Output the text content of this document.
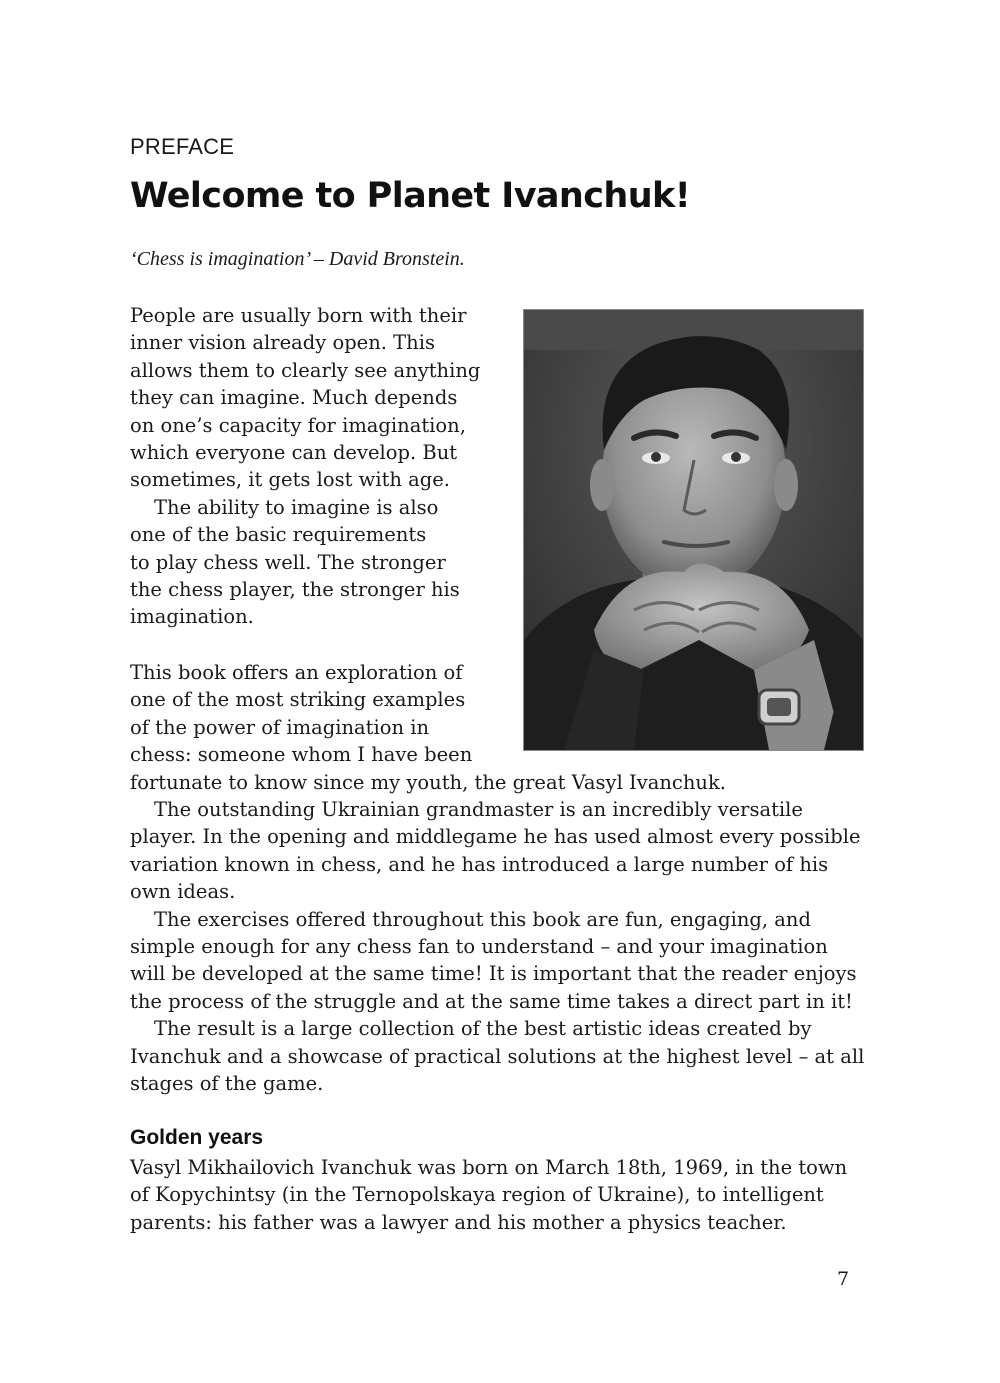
PREFACE
Welcome to Planet Ivanchuk!
‘Chess is imagination’ – David Bronstein.
People are usually born with their
inner vision already open. This
allows them to clearly see anything
they can imagine. Much depends
on one’s capacity for imagination,
which everyone can develop. But
sometimes, it gets lost with age.
The ability to imagine is also
one of the basic requirements
to play chess well. The stronger
the chess player, the stronger his
imagination.
This book offers an exploration of
one of the most striking examples
of the power of imagination in
chess: someone whom I have been
fortunate to know since my youth, the great Vasyl Ivanchuk.
The outstanding Ukrainian grandmaster is an incredibly versatile
player. In the opening and middlegame he has used almost every possible
variation known in chess, and he has introduced a large number of his
own ideas.
The exercises offered throughout this book are fun, engaging, and
simple enough for any chess fan to understand – and your imagination
will be developed at the same time! It is important that the reader enjoys
the process of the struggle and at the same time takes a direct part in it!
The result is a large collection of the best artistic ideas created by
Ivanchuk and a showcase of practical solutions at the highest level – at all
stages of the game.
Golden years
Vasyl Mikhailovich Ivanchuk was born on March 18th, 1969, in the town
of Kopychintsy (in the Ternopolskaya region of Ukraine), to intelligent
parents: his father was a lawyer and his mother a physics teacher.
7
